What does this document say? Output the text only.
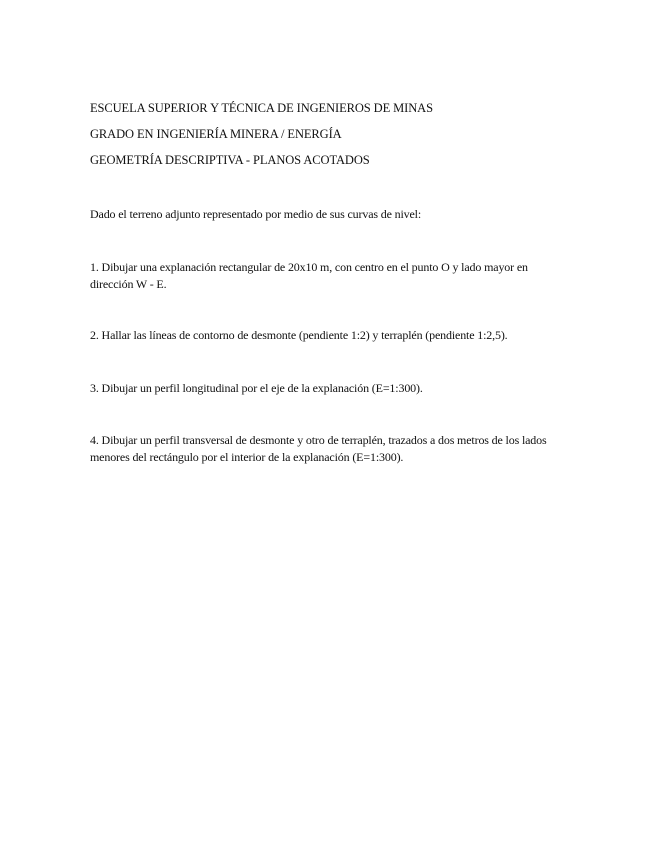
ESCUELA SUPERIOR Y TÉCNICA DE INGENIEROS DE MINAS

GRADO EN INGENIERÍA MINERA / ENERGÍA

GEOMETRÍA DESCRIPTIVA - PLANOS ACOTADOS

Dado el terreno adjunto representado por medio de sus curvas de nivel:

1. Dibujar una explanación rectangular de 20x10 m, con centro en el punto O y lado mayor en dirección W - E.

2. Hallar las líneas de contorno de desmonte (pendiente 1:2) y terraplén (pendiente 1:2,5).

3. Dibujar un perfil longitudinal por el eje de la explanación (E=1:300).

4. Dibujar un perfil transversal de desmonte y otro de terraplén, trazados a dos metros de los lados menores del rectángulo por el interior de la explanación (E=1:300).
